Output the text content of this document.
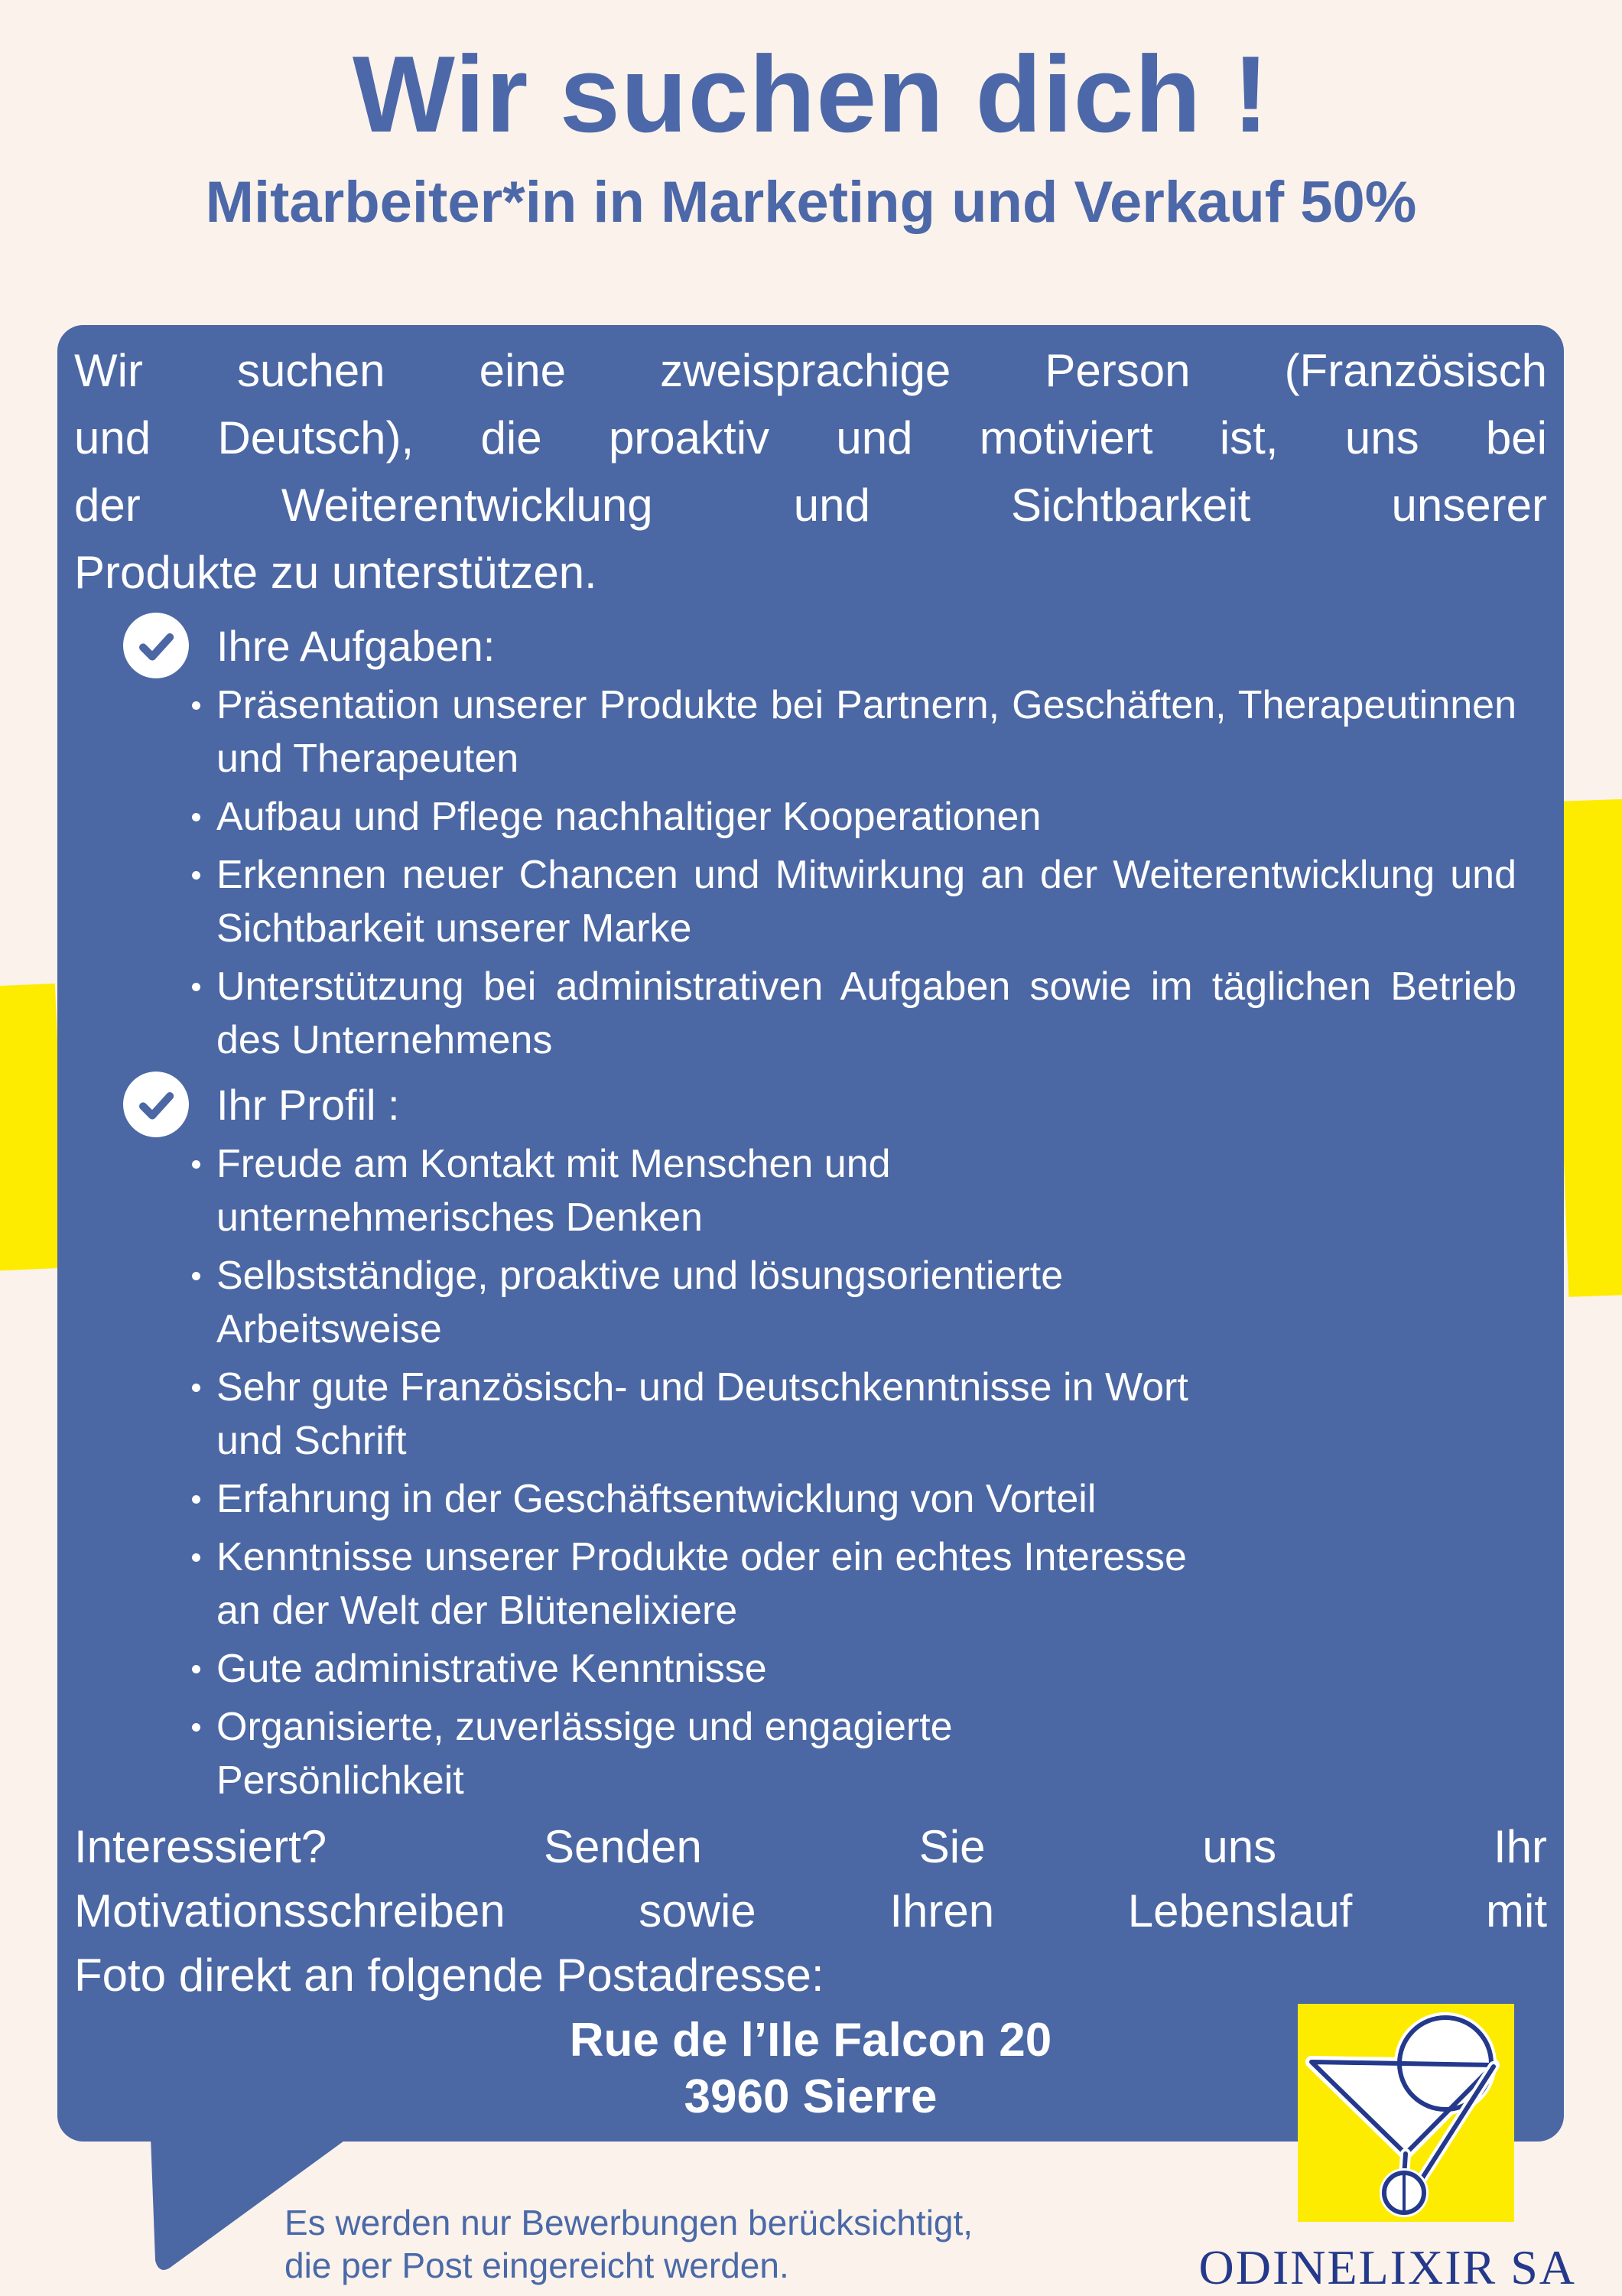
Wir suchen dich !
Mitarbeiter*in in Marketing und Verkauf 50%
Wir suchen eine zweisprachige Person (Französisch
und Deutsch), die proaktiv und motiviert ist, uns bei
der Weiterentwicklung und Sichtbarkeit unserer
Produkte zu unterstützen.
Ihre Aufgaben:
Präsentation unserer Produkte bei Partnern, Geschäften, Therapeutinnen und Therapeuten
Aufbau und Pflege nachhaltiger Kooperationen
Erkennen neuer Chancen und Mitwirkung an der Weiterentwicklung und Sichtbarkeit unserer Marke
Unterstützung bei administrativen Aufgaben sowie im täglichen Betrieb des Unternehmens
Ihr Profil :
Freude am Kontakt mit Menschen und unternehmerisches Denken
Selbstständige, proaktive und lösungsorientierte Arbeitsweise
Sehr gute Französisch- und Deutschkenntnisse in Wort und Schrift
Erfahrung in der Geschäftsentwicklung von Vorteil
Kenntnisse unserer Produkte oder ein echtes Interesse an der Welt der Blütenelixiere
Gute administrative Kenntnisse
Organisierte, zuverlässige und engagierte Persönlichkeit
Interessiert? Senden Sie uns Ihr
Motivationsschreiben sowie Ihren Lebenslauf mit
Foto direkt an folgende Postadresse:
Rue de l’Ile Falcon 20
3960 Sierre
Es werden nur Bewerbungen berücksichtigt,
die per Post eingereicht werden.	ODINELIXIR SA
